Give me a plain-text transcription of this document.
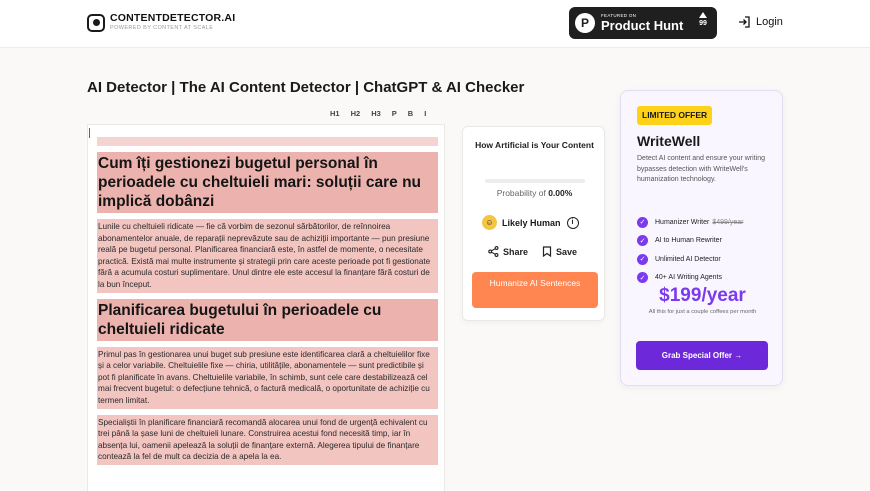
CONTENTDETECTOR.AI
POWERED BY CONTENT AT SCALE	P
FEATURED ON
Product Hunt 99	Login
AI Detector | The AI Content Detector | ChatGPT & AI Checker
H1 H2 H3 P B I
Cum îți gestionezi bugetul personal în perioadele cu cheltuieli mari: soluții care nu implică dobânzi
Lunile cu cheltuieli ridicate — fie că vorbim de sezonul sărbătorilor, de reînnoirea abonamentelor anuale, de reparații neprevăzute sau de achiziții importante — pun presiune reală pe bugetul personal. Planificarea financiară este, în astfel de momente, o necesitate practică. Există mai multe instrumente și strategii prin care aceste perioade pot fi gestionate fără a acumula costuri suplimentare. Unul dintre ele este accesul la finanțare fără costuri de la bun început.
Planificarea bugetului în perioadele cu cheltuieli ridicate
Primul pas în gestionarea unui buget sub presiune este identificarea clară a cheltuielilor fixe și a celor variabile. Cheltuielile fixe — chiria, utilitățile, abonamentele — sunt predictibile și pot fi planificate în avans. Cheltuielile variabile, în schimb, sunt cele care destabilizează cel mai frecvent bugetul: o defecțiune tehnică, o factură medicală, o oportunitate de achiziție cu termen limitat.
Specialiștii în planificare financiară recomandă alocarea unui fond de urgență echivalent cu trei până la șase luni de cheltuieli lunare. Construirea acestui fond necesită timp, iar în absența lui, oamenii apelează la soluții de finanțare externă. Alegerea tipului de finanțare contează la fel de mult ca decizia de a apela la ea.
How Artificial is Your Content
Probability of 0.00%
☺ Likely Human	i
Share	Save
Humanize AI Sentences
LIMITED OFFER
WriteWell
Detect AI content and ensure your writing bypasses detection with WriteWell's humanization technology.
✓	Humanizer Writer $499/year
✓	AI to Human Rewriter
✓	Unlimited AI Detector
✓	40+ AI Writing Agents
$199/year
All this for just a couple coffees per month
Grab Special Offer →
